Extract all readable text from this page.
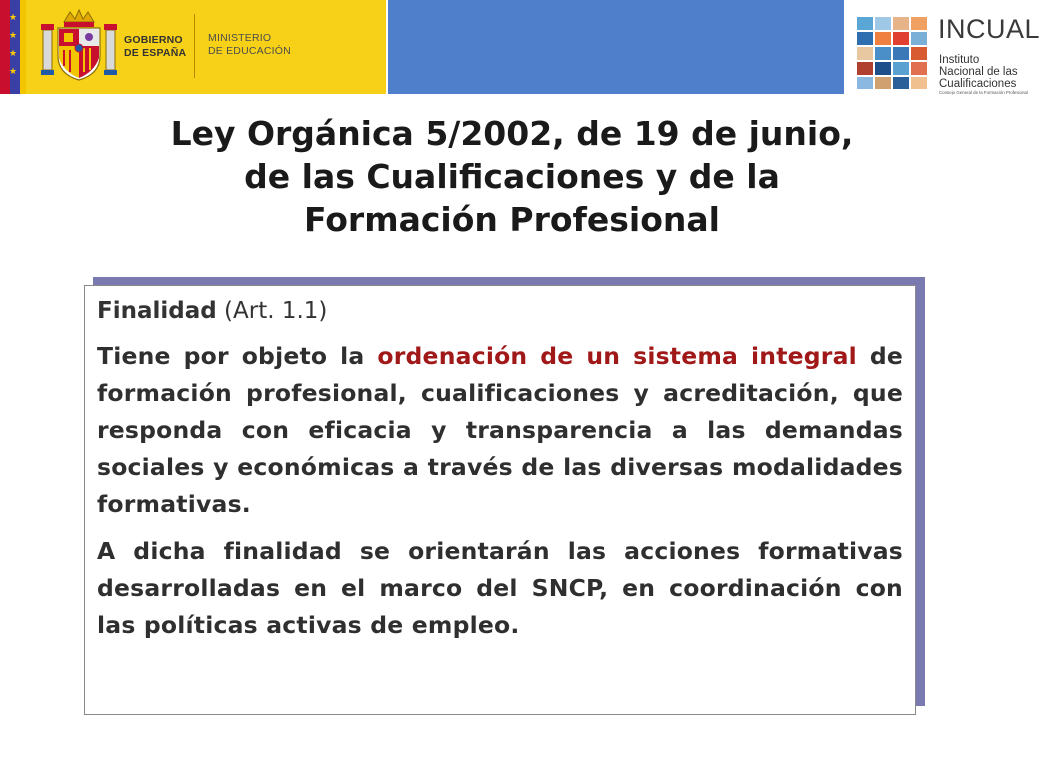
★
★
★
★
GOBIERNO
DE ESPAÑA
MINISTERIO
DE EDUCACIÓN
INCUAL
Instituto Nacional de las Cualificaciones
Consejo General de la Formación Profesional
Ley Orgánica 5/2002, de 19 de junio,
de las Cualificaciones y de la
Formación Profesional

Finalidad (Art. 1.1)

Tiene por objeto la ordenación de un sistema integral de formación profesional, cualificaciones y acreditación, que responda con eficacia y transparencia a las demandas sociales y económicas a través de las diversas modalidades formativas.

A dicha finalidad se orientarán las acciones formativas desarrolladas en el marco del SNCP, en coordinación con las políticas activas de empleo.
